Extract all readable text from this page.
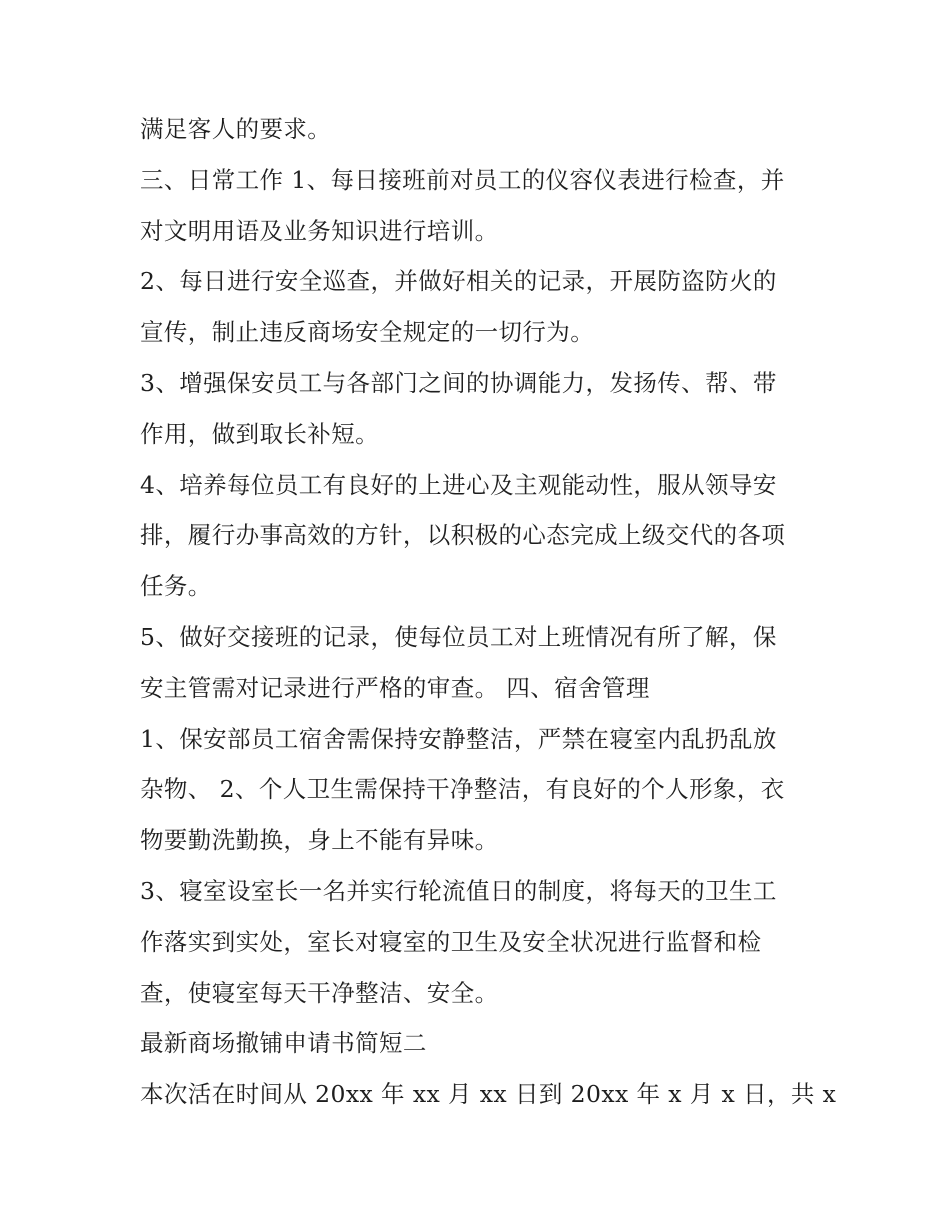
满足客人的要求。
三、日常工作 1、每日接班前对员工的仪容仪表进行检查，并
对文明用语及业务知识进行培训。
2、每日进行安全巡查，并做好相关的记录，开展防盗防火的
宣传，制止违反商场安全规定的一切行为。
3、增强保安员工与各部门之间的协调能力，发扬传、帮、带
作用，做到取长补短。
4、培养每位员工有良好的上进心及主观能动性，服从领导安
排，履行办事高效的方针，以积极的心态完成上级交代的各项
任务。
5、做好交接班的记录，使每位员工对上班情况有所了解，保
安主管需对记录进行严格的审查。 四、宿舍管理
1、保安部员工宿舍需保持安静整洁，严禁在寝室内乱扔乱放
杂物、 2、个人卫生需保持干净整洁，有良好的个人形象，衣
物要勤洗勤换，身上不能有异味。
3、寝室设室长一名并实行轮流值日的制度，将每天的卫生工
作落实到实处，室长对寝室的卫生及安全状况进行监督和检
查，使寝室每天干净整洁、安全。
最新商场撤铺申请书简短二
本次活在时间从 20xx 年 xx 月 xx 日到 20xx 年 x 月 x 日，共 x
